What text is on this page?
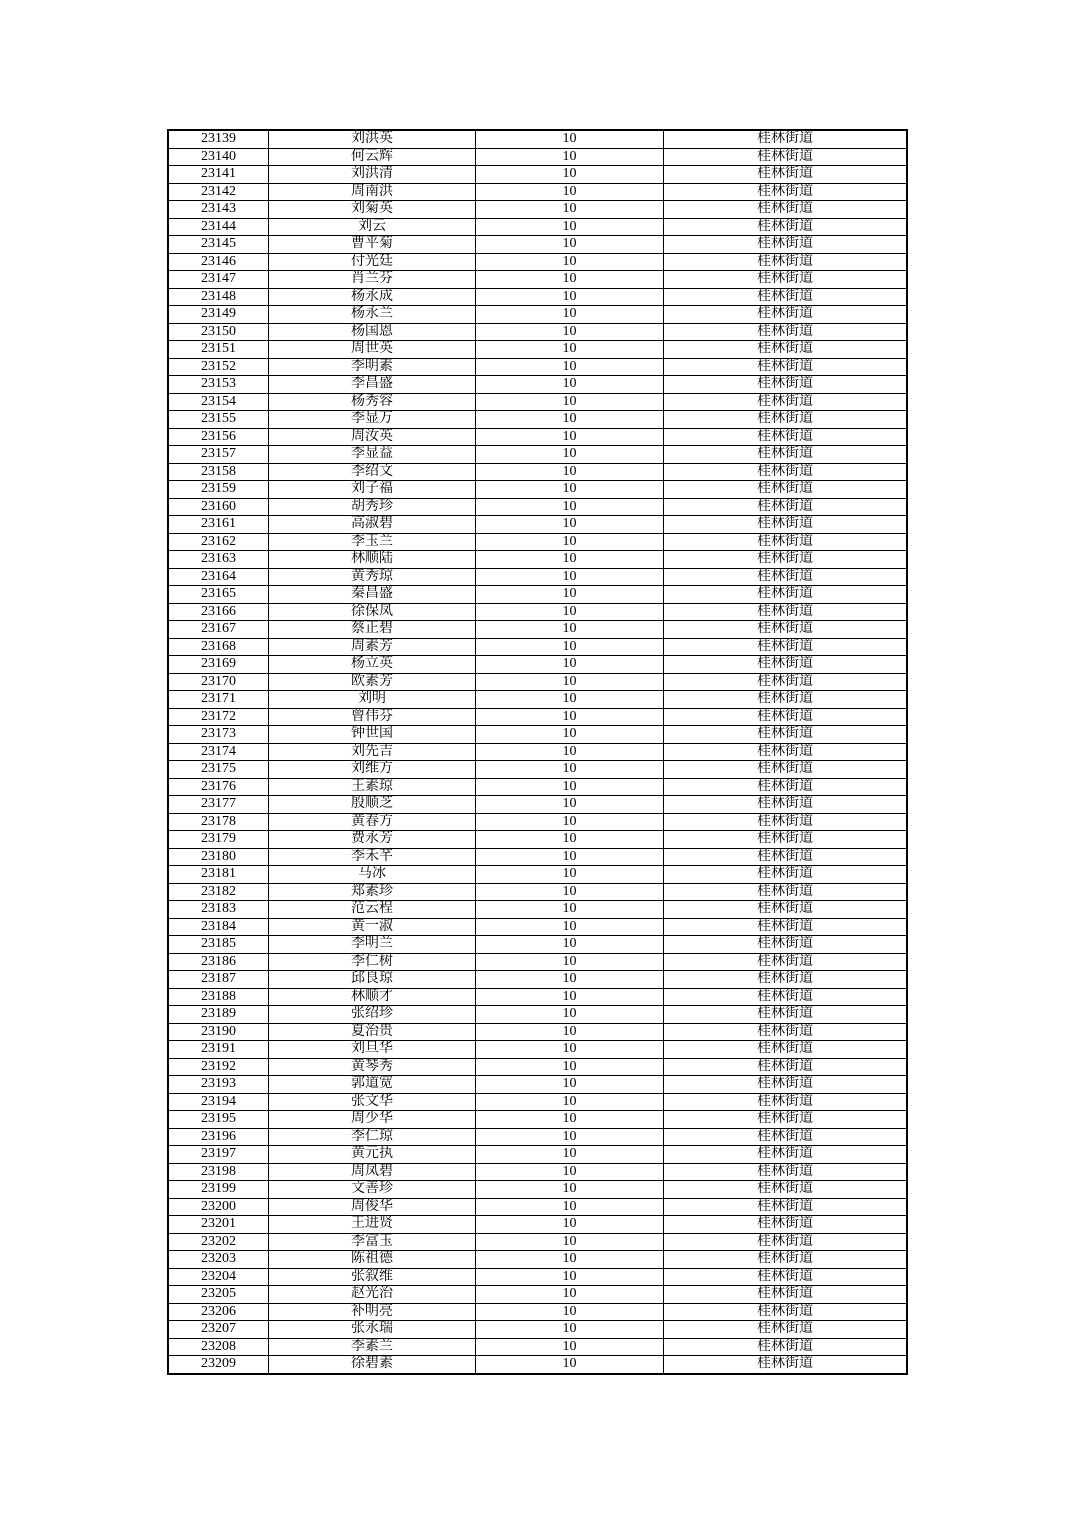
23139	刘洪英	10	桂林街道
23140	何云辉	10	桂林街道
23141	刘洪清	10	桂林街道
23142	周南洪	10	桂林街道
23143	刘菊英	10	桂林街道
23144	刘云	10	桂林街道
23145	曹平菊	10	桂林街道
23146	付光廷	10	桂林街道
23147	肖兰芬	10	桂林街道
23148	杨永成	10	桂林街道
23149	杨永兰	10	桂林街道
23150	杨国恩	10	桂林街道
23151	周世英	10	桂林街道
23152	李明素	10	桂林街道
23153	李昌盛	10	桂林街道
23154	杨秀容	10	桂林街道
23155	李显万	10	桂林街道
23156	周汝英	10	桂林街道
23157	李显益	10	桂林街道
23158	李绍文	10	桂林街道
23159	刘子福	10	桂林街道
23160	胡秀珍	10	桂林街道
23161	高淑碧	10	桂林街道
23162	李玉兰	10	桂林街道
23163	林顺陆	10	桂林街道
23164	黄秀琼	10	桂林街道
23165	秦昌盛	10	桂林街道
23166	徐保凤	10	桂林街道
23167	蔡正碧	10	桂林街道
23168	周素芳	10	桂林街道
23169	杨立英	10	桂林街道
23170	欧素芳	10	桂林街道
23171	刘明	10	桂林街道
23172	曾伟芬	10	桂林街道
23173	钟世国	10	桂林街道
23174	刘先吉	10	桂林街道
23175	刘维方	10	桂林街道
23176	王素琼	10	桂林街道
23177	殷顺芝	10	桂林街道
23178	黄春方	10	桂林街道
23179	费永芳	10	桂林街道
23180	李禾芊	10	桂林街道
23181	马冰	10	桂林街道
23182	郑素珍	10	桂林街道
23183	范云程	10	桂林街道
23184	黄一淑	10	桂林街道
23185	李明兰	10	桂林街道
23186	李仁树	10	桂林街道
23187	邱良琼	10	桂林街道
23188	林顺才	10	桂林街道
23189	张绍珍	10	桂林街道
23190	夏治贵	10	桂林街道
23191	刘旦华	10	桂林街道
23192	黄琴秀	10	桂林街道
23193	郭道宽	10	桂林街道
23194	张文华	10	桂林街道
23195	周少华	10	桂林街道
23196	李仁琼	10	桂林街道
23197	黄元执	10	桂林街道
23198	周凤碧	10	桂林街道
23199	文善珍	10	桂林街道
23200	周俊华	10	桂林街道
23201	王进贤	10	桂林街道
23202	李富玉	10	桂林街道
23203	陈祖德	10	桂林街道
23204	张叙维	10	桂林街道
23205	赵光治	10	桂林街道
23206	补明亮	10	桂林街道
23207	张永瑞	10	桂林街道
23208	李素兰	10	桂林街道
23209	徐碧素	10	桂林街道
